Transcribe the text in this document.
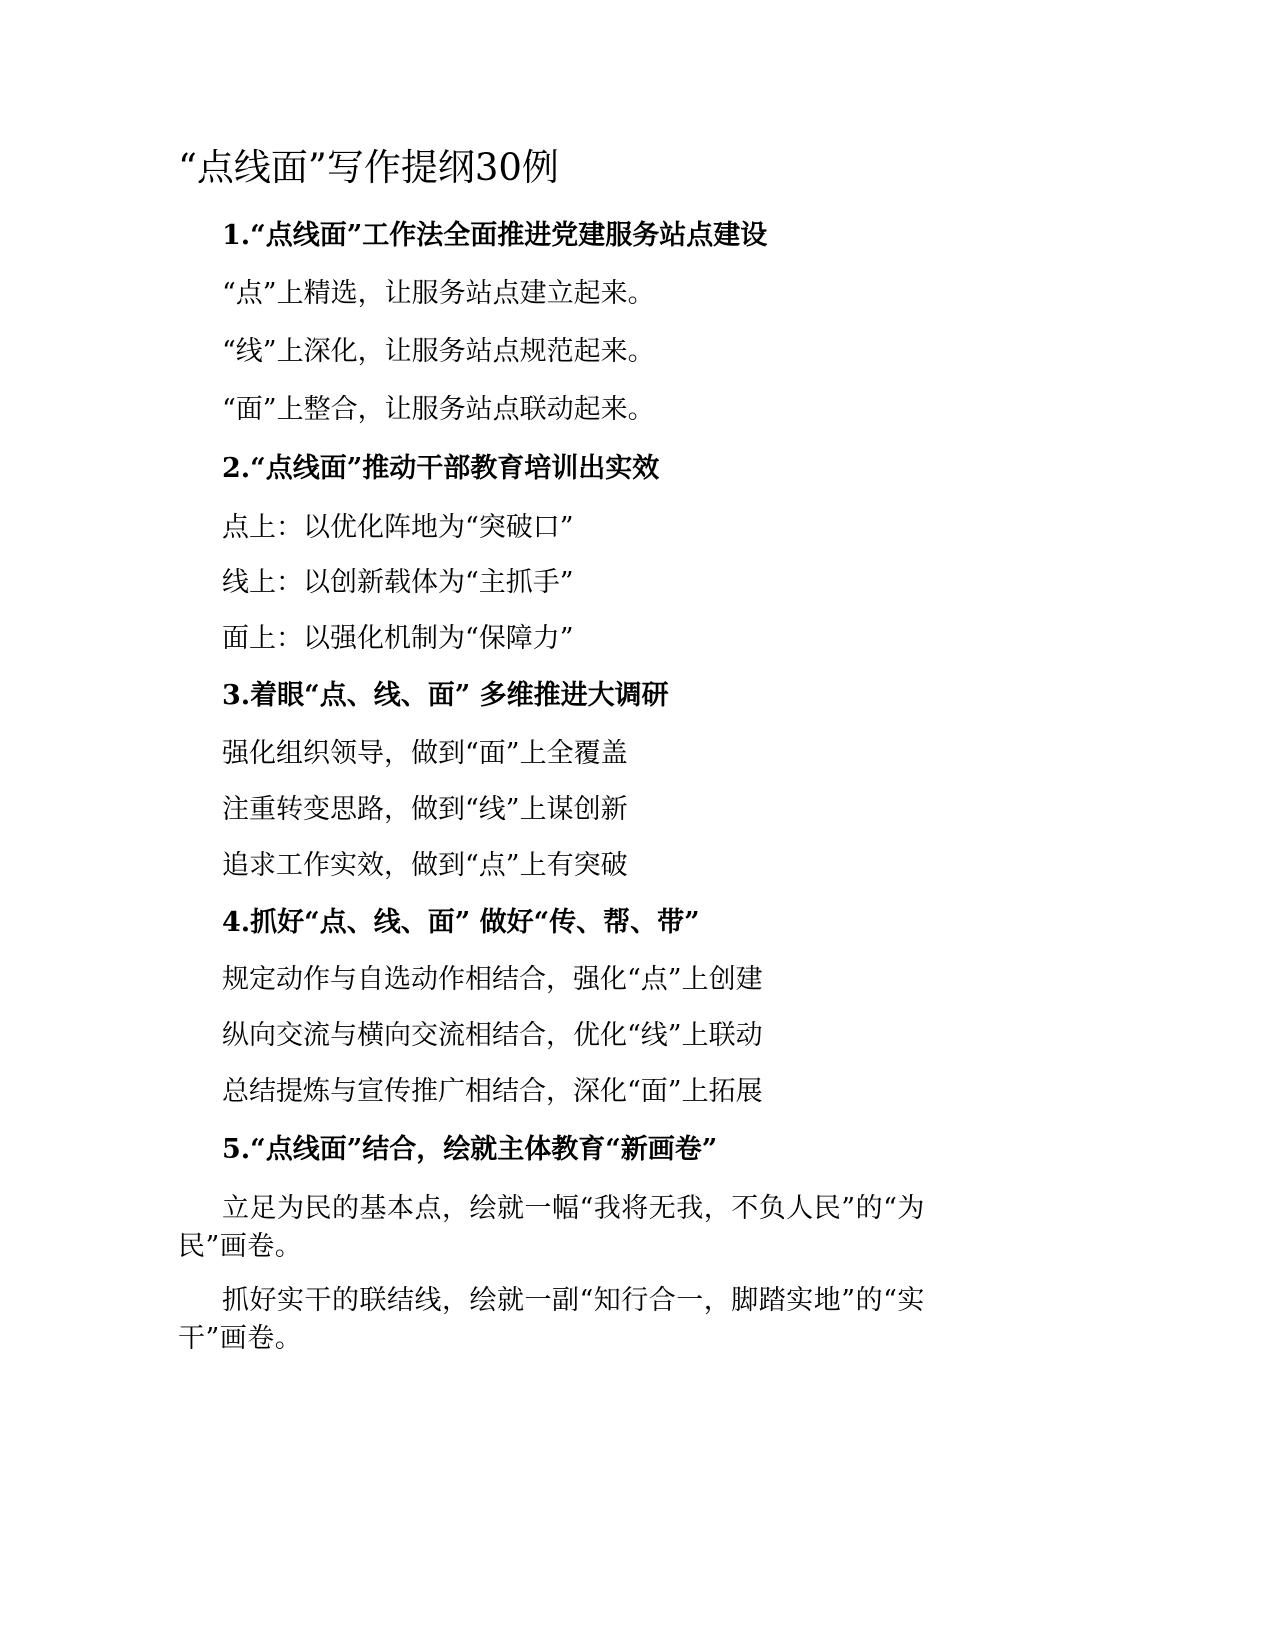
“点线面”写作提纲30例
1.“点线面”工作法全面推进党建服务站点建设
“点”上精选，让服务站点建立起来。
“线”上深化，让服务站点规范起来。
“面”上整合，让服务站点联动起来。
2.“点线面”推动干部教育培训出实效
点上：以优化阵地为“突破口”
线上：以创新载体为“主抓手”
面上：以强化机制为“保障力”
3.着眼“点、线、面” 多维推进大调研
强化组织领导，做到“面”上全覆盖
注重转变思路，做到“线”上谋创新
追求工作实效，做到“点”上有突破
4.抓好“点、线、面” 做好“传、帮、带”
规定动作与自选动作相结合，强化“点”上创建
纵向交流与横向交流相结合，优化“线”上联动
总结提炼与宣传推广相结合，深化“面”上拓展
5.“点线面”结合，绘就主体教育“新画卷”
立足为民的基本点，绘就一幅“我将无我，不负人民”的“为民”画卷。
抓好实干的联结线，绘就一副“知行合一，脚踏实地”的“实干”画卷。
